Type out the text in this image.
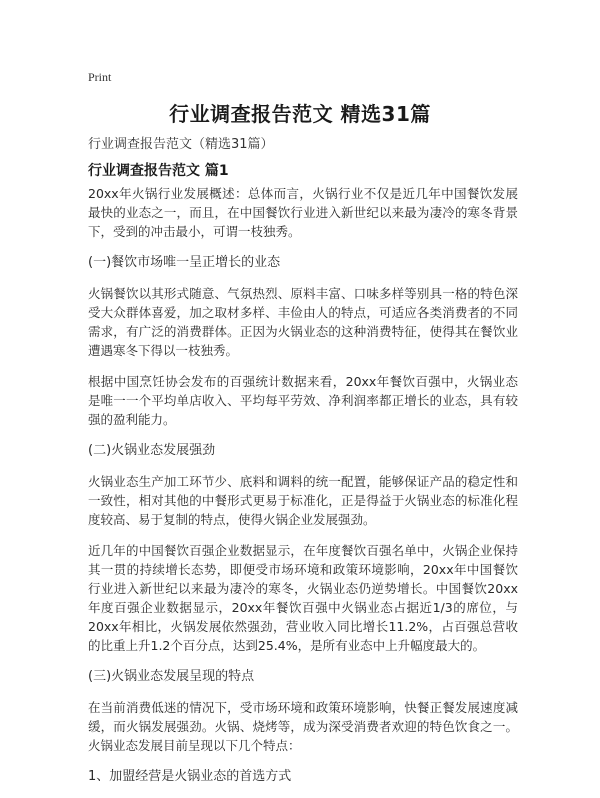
Print
行业调查报告范文 精选31篇
行业调查报告范文（精选31篇）
行业调查报告范文 篇1

20xx年火锅行业发展概述：总体而言，火锅行业不仅是近几年中国餐饮发展最快的业态之一，而且，在中国餐饮行业进入新世纪以来最为凄冷的寒冬背景下，受到的冲击最小，可谓一枝独秀。

(一)餐饮市场唯一呈正增长的业态

火锅餐饮以其形式随意、气氛热烈、原料丰富、口味多样等别具一格的特色深受大众群体喜爱，加之取材多样、丰俭由人的特点，可适应各类消费者的不同需求，有广泛的消费群体。正因为火锅业态的这种消费特征，使得其在餐饮业遭遇寒冬下得以一枝独秀。

根据中国烹饪协会发布的百强统计数据来看，20xx年餐饮百强中，火锅业态是唯一一个平均单店收入、平均每平劳效、净利润率都正增长的业态，具有较强的盈利能力。

(二)火锅业态发展强劲

火锅业态生产加工环节少、底料和调料的统一配置，能够保证产品的稳定性和一致性，相对其他的中餐形式更易于标准化，正是得益于火锅业态的标准化程度较高、易于复制的特点，使得火锅企业发展强劲。

近几年的中国餐饮百强企业数据显示，在年度餐饮百强名单中，火锅企业保持其一贯的持续增长态势，即便受市场环境和政策环境影响，20xx年中国餐饮行业进入新世纪以来最为凄冷的寒冬，火锅业态仍逆势增长。中国餐饮20xx年度百强企业数据显示，20xx年餐饮百强中火锅业态占据近1/3的席位，与20xx年相比，火锅发展依然强劲，营业收入同比增长11.2%，占百强总营收的比重上升1.2个百分点，达到25.4%，是所有业态中上升幅度最大的。

(三)火锅业态发展呈现的特点

在当前消费低迷的情况下，受市场环境和政策环境影响，快餐正餐发展速度减缓，而火锅发展强劲。火锅、烧烤等，成为深受消费者欢迎的特色饮食之一。火锅业态发展目前呈现以下几个特点：

1、加盟经营是火锅业态的首选方式
